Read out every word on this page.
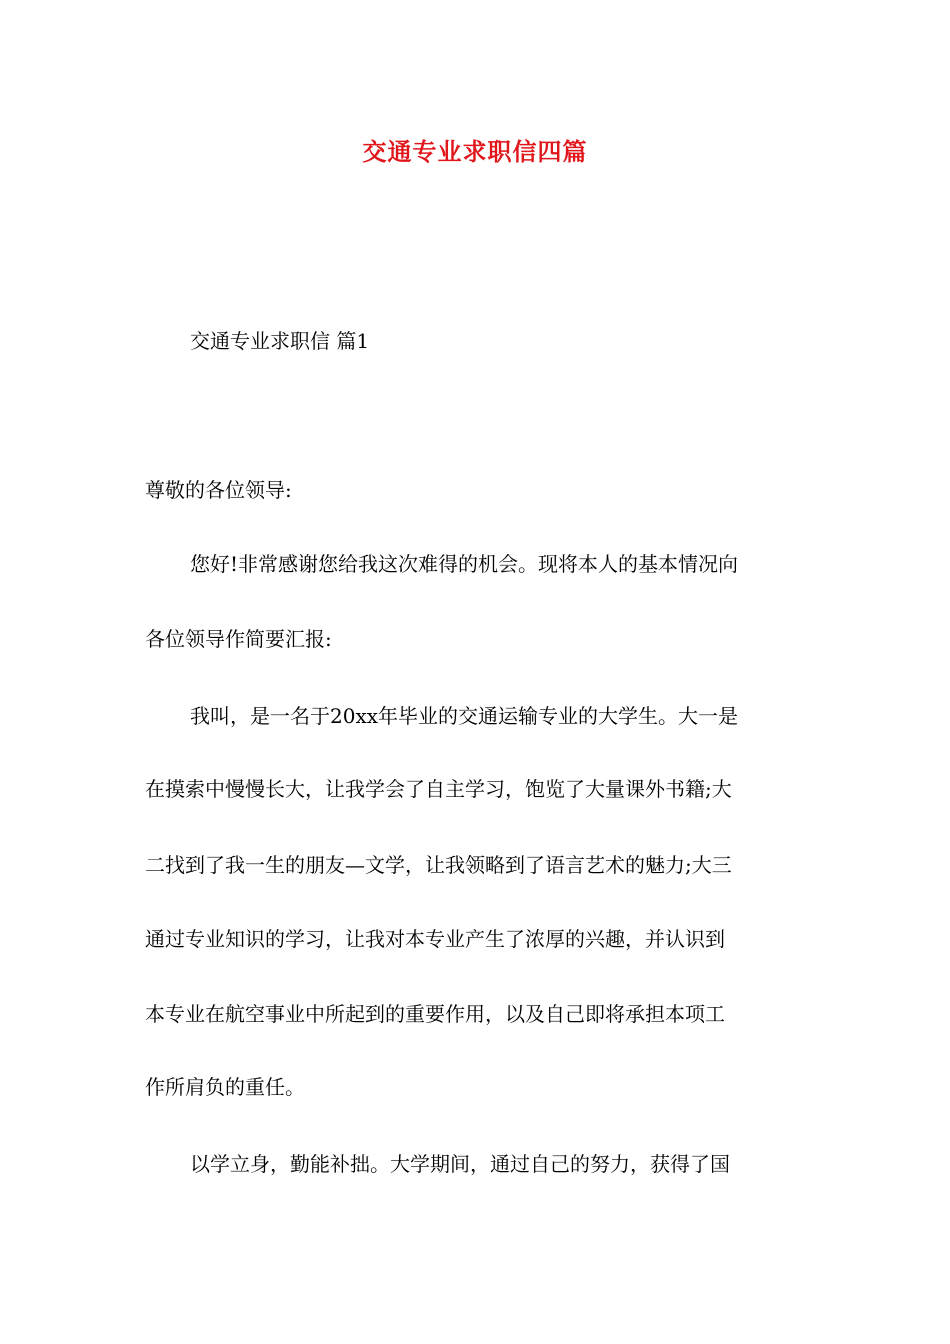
交通专业求职信四篇
交通专业求职信 篇1
尊敬的各位领导:
您好!非常感谢您给我这次难得的机会。现将本人的基本情况向
各位领导作简要汇报:
我叫，是一名于20xx年毕业的交通运输专业的大学生。大一是
在摸索中慢慢长大，让我学会了自主学习，饱览了大量课外书籍;大
二找到了我一生的朋友—文学，让我领略到了语言艺术的魅力;大三
通过专业知识的学习，让我对本专业产生了浓厚的兴趣，并认识到
本专业在航空事业中所起到的重要作用，以及自己即将承担本项工
作所肩负的重任。
以学立身，勤能补拙。大学期间，通过自己的努力，获得了国
